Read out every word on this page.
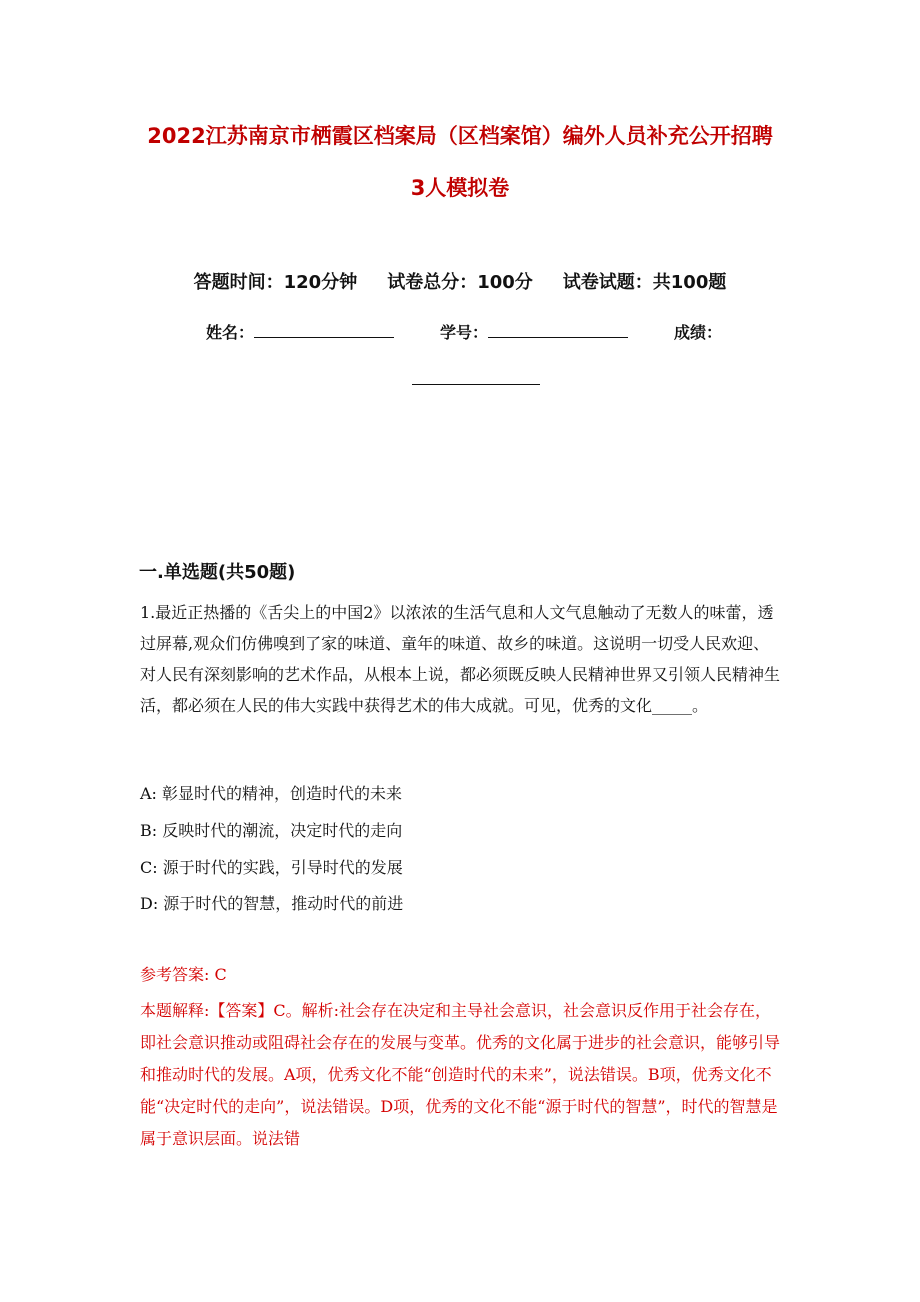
2022江苏南京市栖霞区档案局（区档案馆）编外人员补充公开招聘
3人模拟卷
答题时间：120分钟 试卷总分：100分 试卷试题：共100题
姓名：	学号：	成绩：
一.单选题(共50题)

1.最近正热播的《舌尖上的中国2》以浓浓的生活气息和人文气息触动了无数人的味蕾，透过屏幕,观众们仿佛嗅到了家的味道、童年的味道、故乡的味道。这说明一切受人民欢迎、对人民有深刻影响的艺术作品，从根本上说，都必须既反映人民精神世界又引领人民精神生活，都必须在人民的伟大实践中获得艺术的伟大成就。可见，优秀的文化_____。

A: 彰显时代的精神，创造时代的未来
B: 反映时代的潮流，决定时代的走向
C: 源于时代的实践，引导时代的发展
D: 源于时代的智慧，推动时代的前进
参考答案: C

本题解释:【答案】C。解析:社会存在决定和主导社会意识，社会意识反作用于社会存在，即社会意识推动或阻碍社会存在的发展与变革。优秀的文化属于进步的社会意识，能够引导和推动时代的发展。A项，优秀文化不能“创造时代的未来”，说法错误。B项，优秀文化不能“决定时代的走向”，说法错误。D项，优秀的文化不能“源于时代的智慧”，时代的智慧是属于意识层面。说法错
